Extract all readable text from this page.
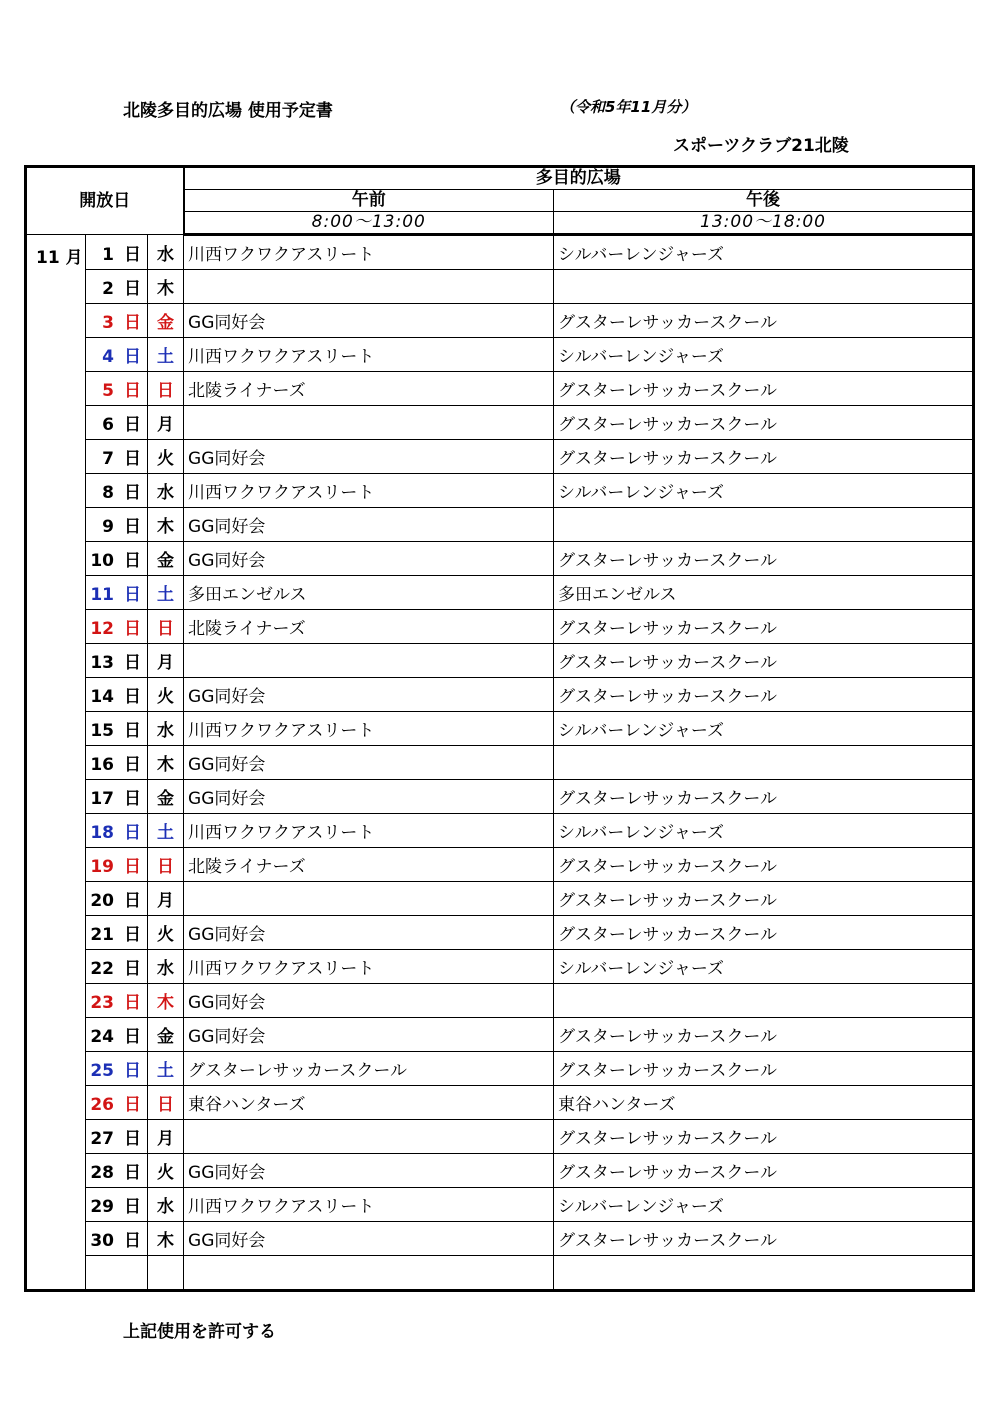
北陵多目的広場 使用予定書	（令和5年11月分）
スポーツクラブ21北陵
開放日			多目的広場	
			午前	午後
			8:00～13:00	13:00～18:00
11 月	1 日	水	川西ワクワクアスリート	シルバーレンジャーズ
	2 日	木		
	3 日	金	GG同好会	グスターレサッカースクール
	4 日	土	川西ワクワクアスリート	シルバーレンジャーズ
	5 日	日	北陵ライナーズ	グスターレサッカースクール
	6 日	月		グスターレサッカースクール
	7 日	火	GG同好会	グスターレサッカースクール
	8 日	水	川西ワクワクアスリート	シルバーレンジャーズ
	9 日	木	GG同好会	
	10 日	金	GG同好会	グスターレサッカースクール
	11 日	土	多田エンゼルス	多田エンゼルス
	12 日	日	北陵ライナーズ	グスターレサッカースクール
	13 日	月		グスターレサッカースクール
	14 日	火	GG同好会	グスターレサッカースクール
	15 日	水	川西ワクワクアスリート	シルバーレンジャーズ
	16 日	木	GG同好会	
	17 日	金	GG同好会	グスターレサッカースクール
	18 日	土	川西ワクワクアスリート	シルバーレンジャーズ
	19 日	日	北陵ライナーズ	グスターレサッカースクール
	20 日	月		グスターレサッカースクール
	21 日	火	GG同好会	グスターレサッカースクール
	22 日	水	川西ワクワクアスリート	シルバーレンジャーズ
	23 日	木	GG同好会	
	24 日	金	GG同好会	グスターレサッカースクール
	25 日	土	グスターレサッカースクール	グスターレサッカースクール
	26 日	日	東谷ハンターズ	東谷ハンターズ
	27 日	月		グスターレサッカースクール
	28 日	火	GG同好会	グスターレサッカースクール
	29 日	水	川西ワクワクアスリート	シルバーレンジャーズ
	30 日	木	GG同好会	グスターレサッカースクール

上記使用を許可する
